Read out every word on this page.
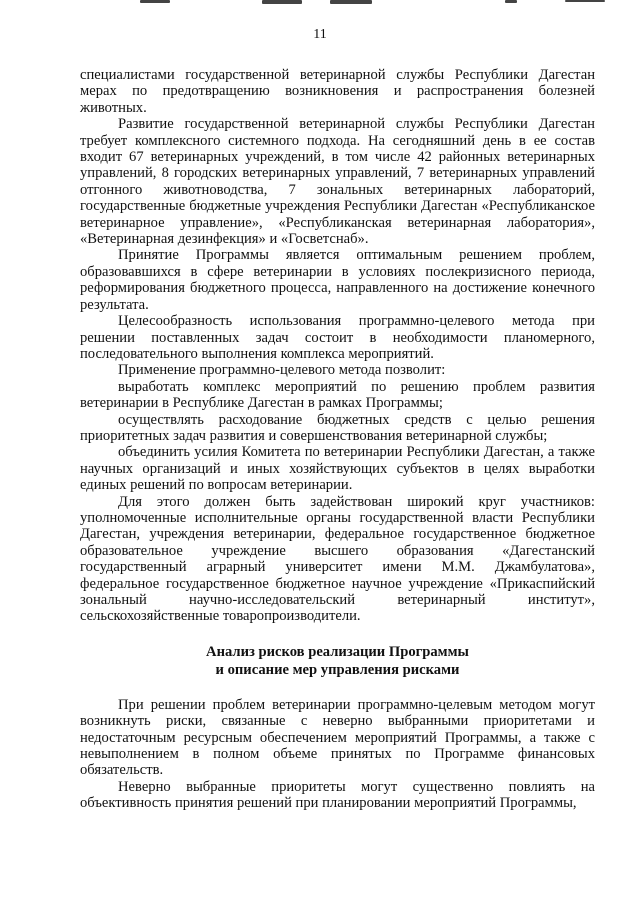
11

специалистами государственной ветеринарной службы Республики Дагестан мерах по предотвращению возникновения и распространения болезней животных.

Развитие государственной ветеринарной службы Республики Дагестан требует комплексного системного подхода. На сегодняшний день в ее состав входит 67 ветеринарных учреждений, в том числе 42 районных ветеринарных управлений, 8 городских ветеринарных управлений, 7 ветеринарных управлений отгонного животноводства, 7 зональных ветеринарных лабораторий, государственные бюджетные учреждения Республики Дагестан «Республиканское ветеринарное управление», «Республиканская ветеринарная лаборатория», «Ветеринарная дезинфекция» и «Госветснаб».

Принятие Программы является оптимальным решением проблем, образовавшихся в сфере ветеринарии в условиях послекризисного периода, реформирования бюджетного процесса, направленного на достижение конечного результата.

Целесообразность использования программно-целевого метода при решении поставленных задач состоит в необходимости планомерного, последовательного выполнения комплекса мероприятий.

Применение программно-целевого метода позволит:

выработать комплекс мероприятий по решению проблем развития ветеринарии в Республике Дагестан в рамках Программы;

осуществлять расходование бюджетных средств с целью решения приоритетных задач развития и совершенствования ветеринарной службы;

объединить усилия Комитета по ветеринарии Республики Дагестан, а также научных организаций и иных хозяйствующих субъектов в целях выработки единых решений по вопросам ветеринарии.

Для этого должен быть задействован широкий круг участников: уполномоченные исполнительные органы государственной власти Республики Дагестан, учреждения ветеринарии, федеральное государственное бюджетное образовательное учреждение высшего образования «Дагестанский государственный аграрный университет имени М.М. Джамбулатова», федеральное государственное бюджетное научное учреждение «Прикаспийский зональный научно-исследовательский ветеринарный институт», сельскохозяйственные товаропроизводители.

Анализ рисков реализации Программы
и описание мер управления рисками

При решении проблем ветеринарии программно-целевым методом могут возникнуть риски, связанные с неверно выбранными приоритетами и недостаточным ресурсным обеспечением мероприятий Программы, а также с невыполнением в полном объеме принятых по Программе финансовых обязательств.

Неверно выбранные приоритеты могут существенно повлиять на объективность принятия решений при планировании мероприятий Программы,
